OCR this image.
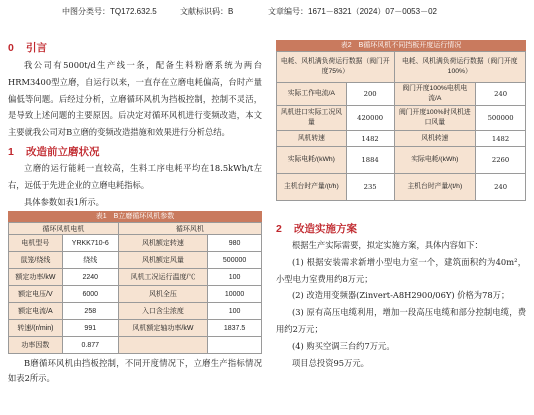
中图分类号：TQ172.632.5	文献标识码：B	文章编号：1671－8321（2024）07－0053－02
0 引言

我公司有5000t/d生产线一条，配备生料粉磨系统为两台HRM3400型立磨，自运行以来，一直存在立磨电耗偏高，台时产量偏低等问题。后经过分析，立磨循环风机为挡板控制，控制不灵活，是导致上述问题的主要原因。后决定对循环风机进行变频改造，本文主要就我公司对B立磨的变频改造措施和效果进行分析总结。

1 改造前立磨状况

立磨的运行能耗一直较高，生料工序电耗平均在18.5kWh/t左右，远低于先进企业的立磨电耗指标。

具体参数如表1所示。

表1　B立磨循环风机参数
循环风机电机		循环风机	
电机型号	YRKK710-6	风机额定转速	980
鼠笼/绕线	绕线	风机额定风量	500000
额定功率/kW	2240	风机工况运行温度/℃	100
额定电压/V	6000	风机全压	10000
额定电流/A	258	入口含尘浓度	100
转速/(r/min)	991	风机额定轴功率/kW	1837.5
功率因数	0.877		

B磨循环风机由挡板控制，不同开度情况下，立磨生产指标情况如表2所示。

表2　B循环风机不同挡板开度运行情况
电耗、风机满负荷运行数据（阀门开度75%）		电耗、风机满负荷运行数据（阀门开度100%）	
实际工作电流/A	200	阀门开度100%电机电流/A	240
风机进口实际工况风量	420000	阀门开度100%时风机进口风量	500000
风机转速	1482	风机转速	1482
实际电耗/(kWh)	1884	实际电耗/(kWh)	2260
主机台时产量/(t/h)	235	主机台时产量/(t/h)	240
2 改造实施方案

根据生产实际需要，拟定实施方案，具体内容如下：

(1) 根据安装需求新增小型电力室一个，建筑面积约为40m²，小型电力室费用约8万元；

(2) 改造用变频器(Zinvert-A8H2900/06Y) 价格为78万；

(3) 原有高压电缆利用，增加一段高压电缆和部分控制电缆，费用约2万元；

(4) 购买空调三台约7万元。

项目总投资95万元。
